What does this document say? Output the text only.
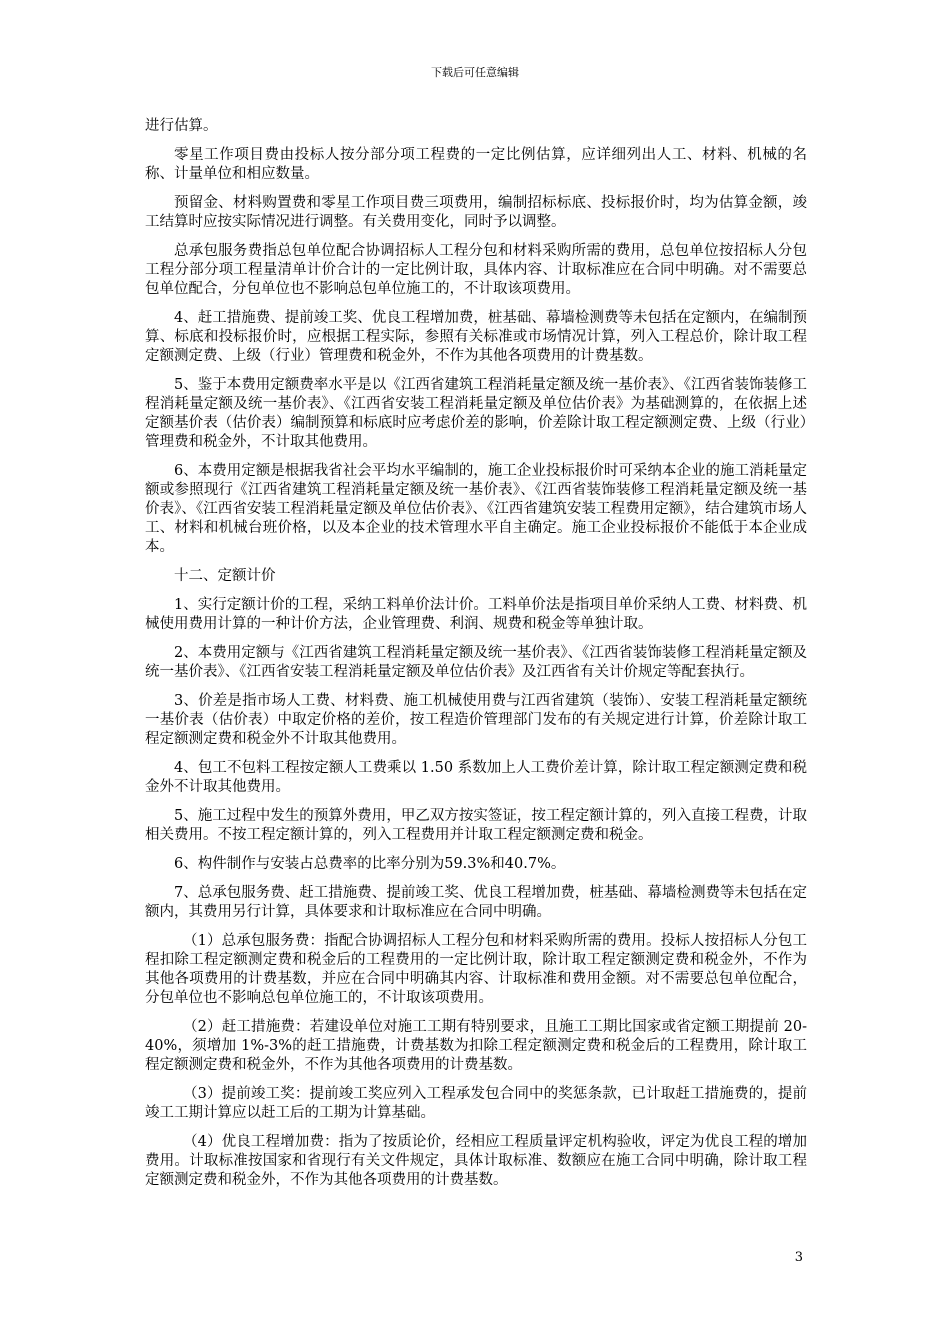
下载后可任意编辑

进行估算。

零星工作项目费由投标人按分部分项工程费的一定比例估算，应详细列出人工、材料、机械的名称、计量单位和相应数量。

预留金、材料购置费和零星工作项目费三项费用，编制招标标底、投标报价时，均为估算金额，竣工结算时应按实际情况进行调整。有关费用变化，同时予以调整。

总承包服务费指总包单位配合协调招标人工程分包和材料采购所需的费用，总包单位按招标人分包工程分部分项工程量清单计价合计的一定比例计取，具体内容、计取标准应在合同中明确。对不需要总包单位配合，分包单位也不影响总包单位施工的，不计取该项费用。

4、赶工措施费、提前竣工奖、优良工程增加费，桩基础、幕墙检测费等未包括在定额内，在编制预算、标底和投标报价时，应根据工程实际，参照有关标准或市场情况计算，列入工程总价，除计取工程定额测定费、上级（行业）管理费和税金外，不作为其他各项费用的计费基数。

5、鉴于本费用定额费率水平是以《江西省建筑工程消耗量定额及统一基价表》、《江西省装饰装修工程消耗量定额及统一基价表》、《江西省安装工程消耗量定额及单位估价表》为基础测算的，在依据上述定额基价表（估价表）编制预算和标底时应考虑价差的影响，价差除计取工程定额测定费、上级（行业）管理费和税金外，不计取其他费用。

6、本费用定额是根据我省社会平均水平编制的，施工企业投标报价时可采纳本企业的施工消耗量定额或参照现行《江西省建筑工程消耗量定额及统一基价表》、《江西省装饰装修工程消耗量定额及统一基价表》、《江西省安装工程消耗量定额及单位估价表》、《江西省建筑安装工程费用定额》，结合建筑市场人工、材料和机械台班价格，以及本企业的技术管理水平自主确定。施工企业投标报价不能低于本企业成本。

十二、定额计价

1、实行定额计价的工程，采纳工料单价法计价。工料单价法是指项目单价采纳人工费、材料费、机械使用费用计算的一种计价方法，企业管理费、利润、规费和税金等单独计取。

2、本费用定额与《江西省建筑工程消耗量定额及统一基价表》、《江西省装饰装修工程消耗量定额及统一基价表》、《江西省安装工程消耗量定额及单位估价表》及江西省有关计价规定等配套执行。

3、价差是指市场人工费、材料费、施工机械使用费与江西省建筑（装饰）、安装工程消耗量定额统一基价表（估价表）中取定价格的差价，按工程造价管理部门发布的有关规定进行计算，价差除计取工程定额测定费和税金外不计取其他费用。

4、包工不包料工程按定额人工费乘以 1.50 系数加上人工费价差计算，除计取工程定额测定费和税金外不计取其他费用。

5、施工过程中发生的预算外费用，甲乙双方按实签证，按工程定额计算的，列入直接工程费，计取相关费用。不按工程定额计算的，列入工程费用并计取工程定额测定费和税金。

6、构件制作与安装占总费率的比率分别为59.3%和40.7%。

7、总承包服务费、赶工措施费、提前竣工奖、优良工程增加费，桩基础、幕墙检测费等未包括在定额内，其费用另行计算，具体要求和计取标准应在合同中明确。

（1）总承包服务费：指配合协调招标人工程分包和材料采购所需的费用。投标人按招标人分包工程扣除工程定额测定费和税金后的工程费用的一定比例计取，除计取工程定额测定费和税金外，不作为其他各项费用的计费基数，并应在合同中明确其内容、计取标准和费用金额。对不需要总包单位配合，分包单位也不影响总包单位施工的，不计取该项费用。

（2）赶工措施费：若建设单位对施工工期有特别要求，且施工工期比国家或省定额工期提前 20-40%，须增加 1%-3%的赶工措施费，计费基数为扣除工程定额测定费和税金后的工程费用，除计取工程定额测定费和税金外，不作为其他各项费用的计费基数。

（3）提前竣工奖：提前竣工奖应列入工程承发包合同中的奖惩条款，已计取赶工措施费的，提前竣工工期计算应以赶工后的工期为计算基础。

（4）优良工程增加费：指为了按质论价，经相应工程质量评定机构验收，评定为优良工程的增加费用。计取标准按国家和省现行有关文件规定，具体计取标准、数额应在施工合同中明确，除计取工程定额测定费和税金外，不作为其他各项费用的计费基数。

3
